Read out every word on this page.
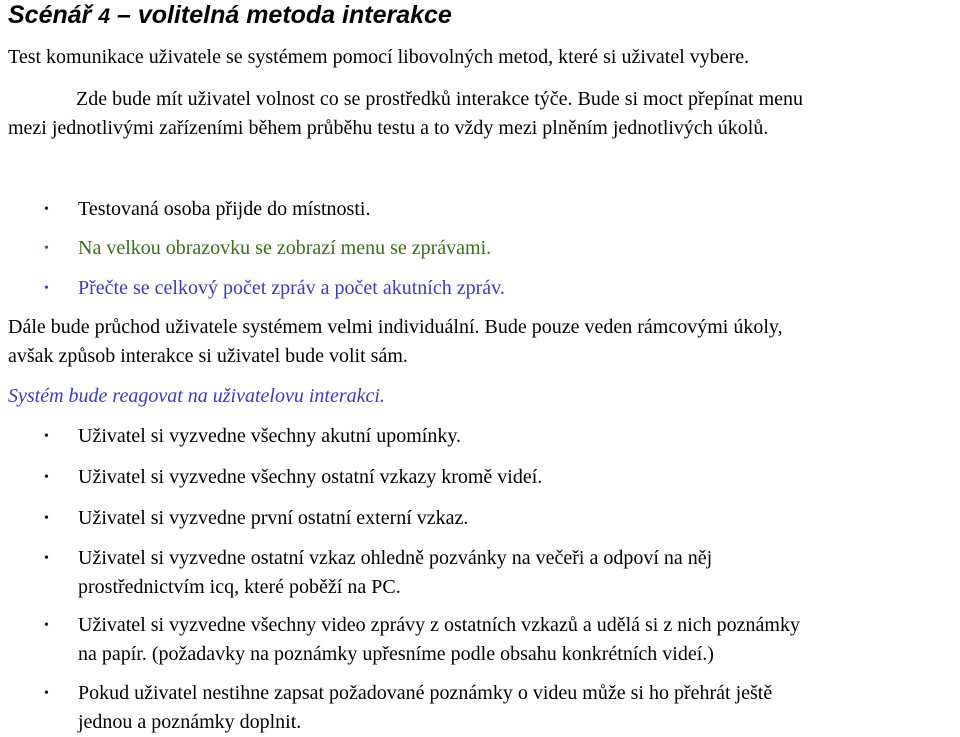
Scénář 4 – volitelná metoda interakce

Test komunikace uživatele se systémem pomocí libovolných metod, které si uživatel vybere.

Zde bude mít uživatel volnost co se prostředků interakce týče. Bude si moct přepínat menu

mezi jednotlivými zařízeními během průběhu testu a to vždy mezi plněním jednotlivých úkolů.

• Testovaná osoba přijde do místnosti.
• Na velkou obrazovku se zobrazí menu se zprávami.
• Přečte se celkový počet zpráv a počet akutních zpráv.

Dále bude průchod uživatele systémem velmi individuální. Bude pouze veden rámcovými úkoly,

avšak způsob interakce si uživatel bude volit sám.

Systém bude reagovat na uživatelovu interakci.

• Uživatel si vyzvedne všechny akutní upomínky.
• Uživatel si vyzvedne všechny ostatní vzkazy kromě videí.
• Uživatel si vyzvedne první ostatní externí vzkaz.
• Uživatel si vyzvedne ostatní vzkaz ohledně pozvánky na večeři a odpoví na něj
prostřednictvím icq, které poběží na PC.
• Uživatel si vyzvedne všechny video zprávy z ostatních vzkazů a udělá si z nich poznámky
na papír. (požadavky na poznámky upřesníme podle obsahu konkrétních videí.)
• Pokud uživatel nestihne zapsat požadované poznámky o videu může si ho přehrát ještě
jednou a poznámky doplnit.
